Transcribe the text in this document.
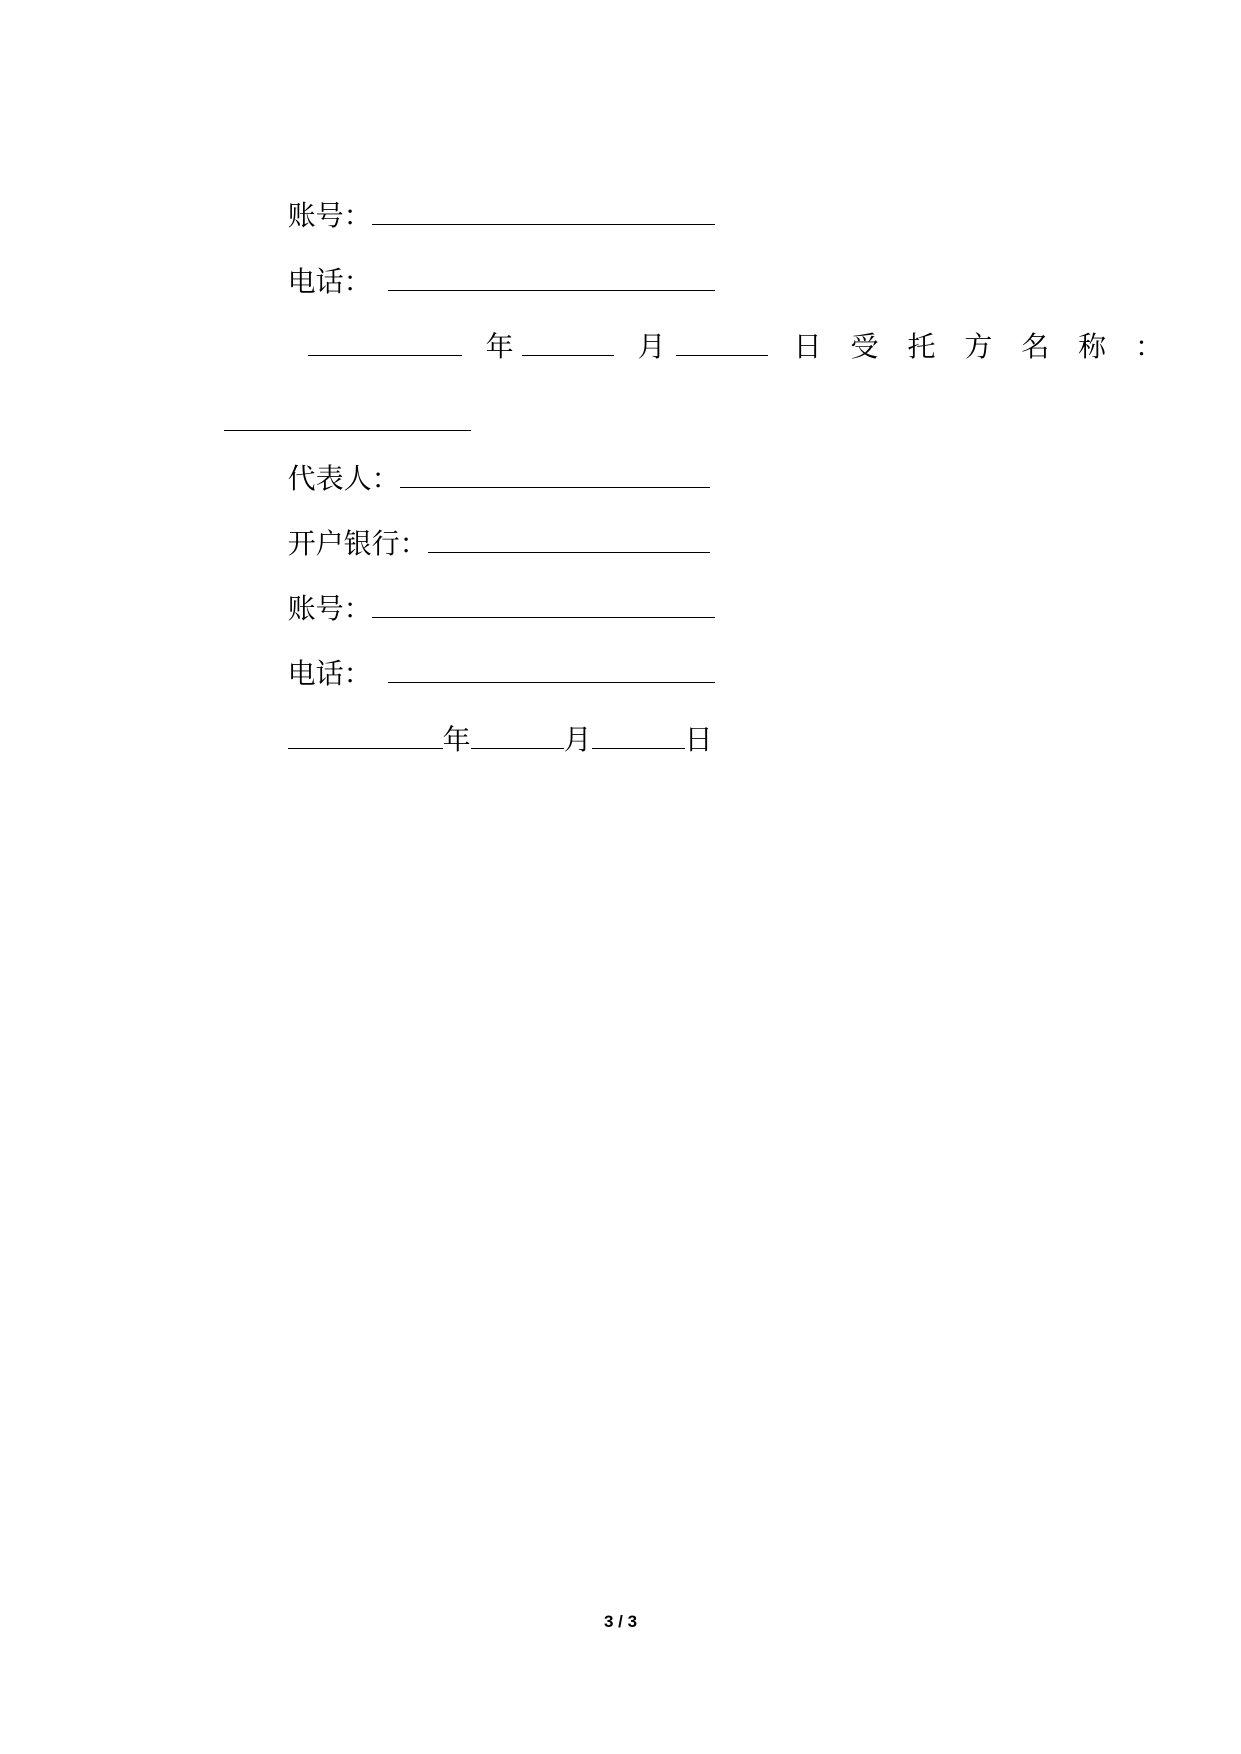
账号：

电话：

年	月	日 受 托 方 名 称 ：

代表人：

开户银行：

账号：

电话：

年	月	日

3 / 3
